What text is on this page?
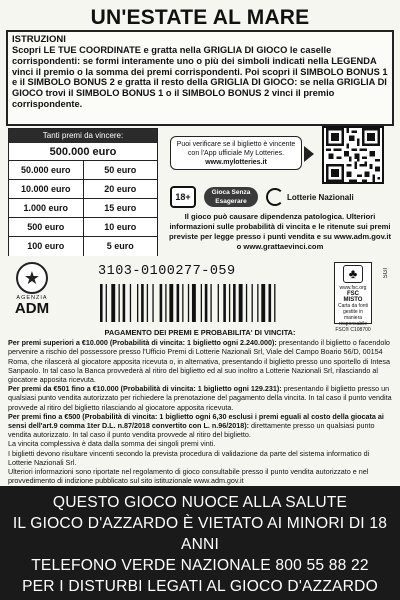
UN'ESTATE AL MARE
ISTRUZIONI
Scopri LE TUE COORDINATE e gratta nella GRIGLIA DI GIOCO le caselle corrispondenti: se formi interamente uno o più dei simboli indicati nella LEGENDA vinci il premio o la somma dei premi corrispondenti. Poi scopri il SIMBOLO BONUS 1 e il SIMBOLO BONUS 2 e gratta il resto della GRIGLIA DI GIOCO: se nella GRIGLIA DI GIOCO trovi il SIMBOLO BONUS 1 o il SIMBOLO BONUS 2 vinci il premio corrispondente.
Tanti premi da vincere:
500.000 euro
50.000 euro	50 euro
10.000 euro	20 euro
1.000 euro	15 euro
500 euro	10 euro
100 euro	5 euro
Puoi verificare se il biglietto è vincente
con l'App ufficiale My Lotteries.
www.mylotteries.it
18+	Gioca Senza Esagerare	Lotterie Nazionali
Il gioco può causare dipendenza patologica. Ulteriori informazioni sulle probabilità di vincita e le ritenute sui premi previste per legge presso i punti vendita e su www.adm.gov.it o www.grattaevinci.com
★
AGENZIA
ADM
3103-0100277-059
♣
www.fsc.org
FSC
MISTO
Carta da fonti gestite in maniera responsabile
FSC® C108700
SGI
PAGAMENTO DEI PREMI E PROBABILITA' DI VINCITA:

Per premi superiori a €10.000 (Probabilità di vincita: 1 biglietto ogni 2.240.000): presentando il biglietto o facendolo pervenire a rischio del possessore presso l'Ufficio Premi di Lotterie Nazionali Srl, Viale del Campo Boario 56/D, 00154 Roma, che rilascerà al giocatore apposita ricevuta o, in alternativa, presentando il biglietto presso uno sportello di Intesa Sanpaolo. In tal caso la Banca provvederà al ritiro del biglietto ed al suo inoltro a Lotterie Nazionali Srl, rilasciando al giocatore apposita ricevuta.

Per premi da €501 fino a €10.000 (Probabilità di vincita: 1 biglietto ogni 129.231): presentando il biglietto presso un qualsiasi punto vendita autorizzato per richiedere la prenotazione del pagamento della vincita. In tal caso il punto vendita provvede al ritiro del biglietto rilasciando al giocatore apposita ricevuta.

Per premi fino a €500 (Probabilità di vincita: 1 biglietto ogni 6,30 esclusi i premi eguali al costo della giocata ai sensi dell'art.9 comma 1ter D.L. n.87/2018 convertito con L. n.96/2018): direttamente presso un qualsiasi punto vendita autorizzato. In tal caso il punto vendita provvede al ritiro del biglietto.

La vincita complessiva è data dalla somma dei singoli premi vinti.

I biglietti devono risultare vincenti secondo la prevista procedura di validazione da parte del sistema informatico di Lotterie Nazionali Srl.

Ulteriori informazioni sono riportate nel regolamento di gioco consultabile presso il punto vendita autorizzato e nel provvedimento di indizione pubblicato sul sito istituzionale www.adm.gov.it

QUESTO GIOCO NUOCE ALLA SALUTE
IL GIOCO D'AZZARDO È VIETATO AI MINORI DI 18 ANNI
TELEFONO VERDE NAZIONALE 800 55 88 22
PER I DISTURBI LEGATI AL GIOCO D'AZZARDO
